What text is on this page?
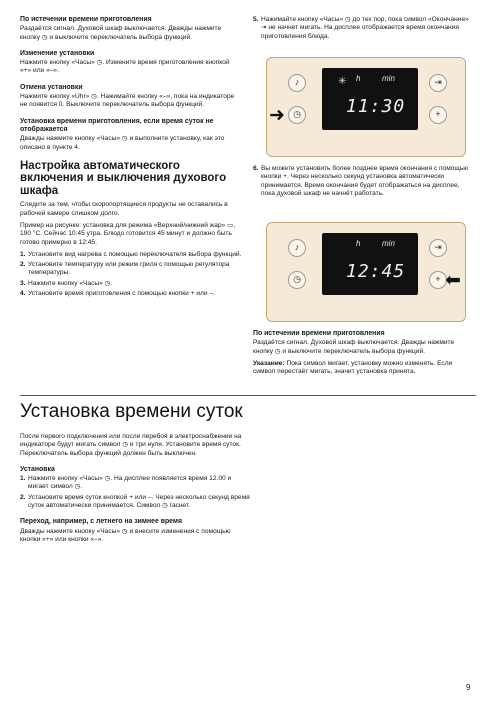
По истечении времени приготовления
Раздаётся сигнал. Духовой шкаф выключается. Дважды нажмите кнопку ◷ и выключите переключатель выбора функций.
Изменение установки
Нажмите кнопку «Часы» ◷. Измените время приготовления кнопкой «+» или «–».
Отмена установки
Нажмите кнопку «Uhr» ◷. Нажимайте кнопку «–», пока на индикаторе не появится 0. Выключите переключатель выбора функций.
Установка времени приготовления, если время суток не отображается
Дважды нажмите кнопку «Часы» ◷ и выполните установку, как это описано в пункте 4.
Настройка автоматического включения и выключения духового шкафа
Следите за тем, чтобы скоропортящиеся продукты не оставались в рабочей камере слишком долго.
Пример на рисунке: установка для режима «Верхний/нижний жар» ▭, 190 °C. Сейчас 10:45 утра. Блюдо готовится 45 минут и должно быть готово примерно в 12:45.
1. Установите вид нагрева с помощью переключателя выбора функций.
2. Установите температуру или режим гриля с помощью регулятора температуры.
3. Нажмите кнопку «Часы» ◷.
4. Установите время приготовления с помощью кнопки + или –.
5. Нажимайте кнопку «Часы» ◷ до тех пор, пока символ «Окончание» ⇥ не начнет мигать. На дисплее отображается время окончания приготовления блюда.
♪
◷
⇥
+
✳ h	min
11:30
➜
6. Вы можете установить более позднее время окончания с помощью кнопки +. Через несколько секунд установка автоматически принимается. Время окончания будет отображаться на дисплее, пока духовой шкаф не начнёт работать.
♪
◷
⇥
+
h	min
12:45 ⬅
По истечении времени приготовления
Раздаётся сигнал. Духовой шкаф выключается. Дважды нажмите кнопку ◷ и выключите переключатель выбора функций.
Указание: Пока символ мигает, установку можно изменять. Если символ перестаёт мигать, значит установка принята.
Установка времени суток
После первого подключения или после перебоя в электроснабжении на индикаторе будут мигать символ ◷ и три нуля. Установите время суток. Переключатель выбора функций должен быть выключен.
Установка
1. Нажмите кнопку «Часы» ◷. На дисплее появляется время 12.00 и мигает символ ◷.
2. Установите время суток кнопкой + или –. Через несколько секунд время суток автоматически принимается. Символ ◷ гаснет.
Переход, например, с летнего на зимнее время
Дважды нажмите кнопку «Часы» ◷ и внесите изменения с помощью кнопки «+» или кнопки «–».
9
